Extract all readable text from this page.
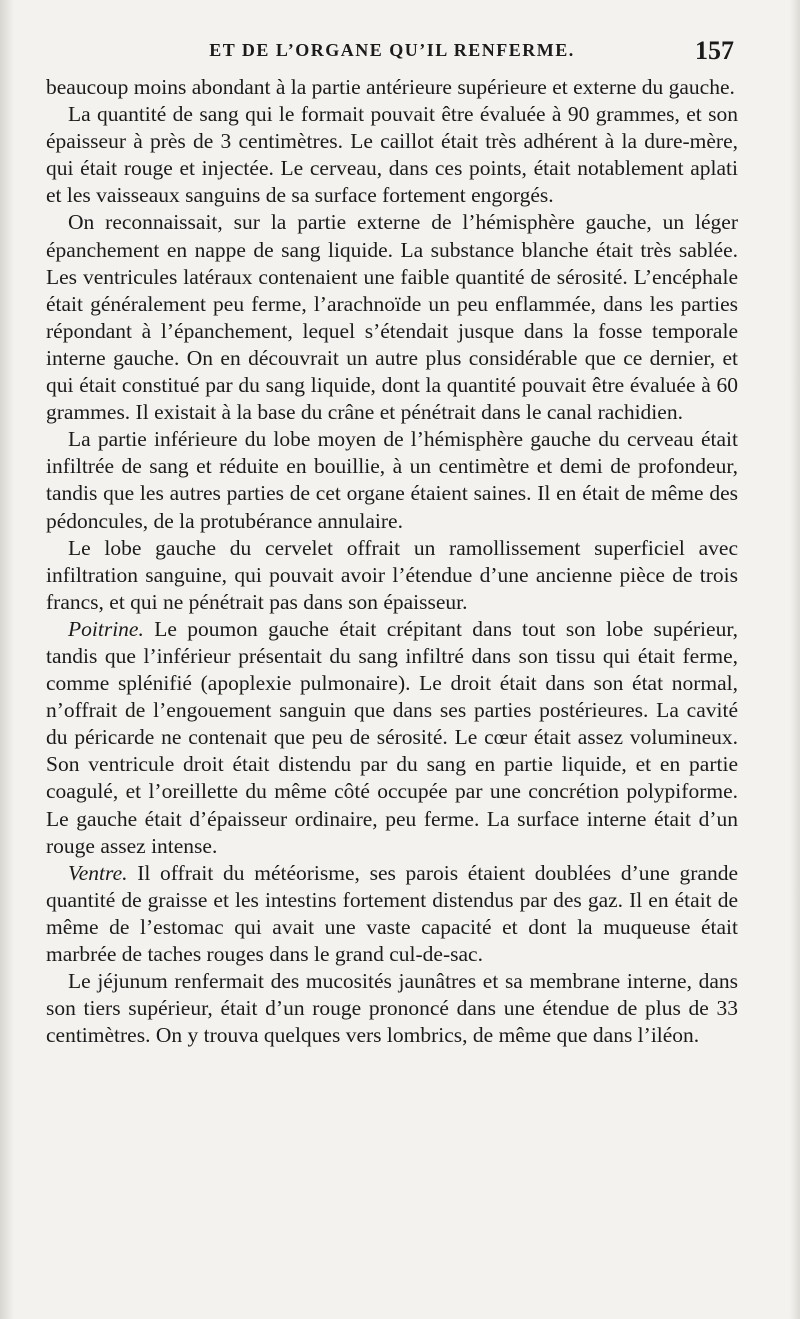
ET DE L’ORGANE QU’IL RENFERME.	157

beaucoup moins abondant à la partie antérieure supérieure et externe du gauche.

La quantité de sang qui le formait pouvait être évaluée à 90 grammes, et son épaisseur à près de 3 centimètres. Le caillot était très adhérent à la dure-mère, qui était rouge et injectée. Le cerveau, dans ces points, était notablement aplati et les vaisseaux sanguins de sa surface fortement engorgés.

On reconnaissait, sur la partie externe de l’hémisphère gauche, un léger épanchement en nappe de sang liquide. La substance blanche était très sablée. Les ventricules latéraux contenaient une faible quantité de sérosité. L’encéphale était généralement peu ferme, l’arachnoïde un peu enflammée, dans les parties répondant à l’épanchement, lequel s’étendait jusque dans la fosse temporale interne gauche. On en découvrait un autre plus considérable que ce dernier, et qui était constitué par du sang liquide, dont la quantité pouvait être évaluée à 60 grammes. Il existait à la base du crâne et pénétrait dans le canal rachidien.

La partie inférieure du lobe moyen de l’hémisphère gauche du cerveau était infiltrée de sang et réduite en bouillie, à un centimètre et demi de profondeur, tandis que les autres parties de cet organe étaient saines. Il en était de même des pédoncules, de la protubérance annulaire.

Le lobe gauche du cervelet offrait un ramollissement superficiel avec infiltration sanguine, qui pouvait avoir l’étendue d’une ancienne pièce de trois francs, et qui ne pénétrait pas dans son épaisseur.

Poitrine. Le poumon gauche était crépitant dans tout son lobe supérieur, tandis que l’inférieur présentait du sang infiltré dans son tissu qui était ferme, comme splénifié (apoplexie pulmonaire). Le droit était dans son état normal, n’offrait de l’engouement sanguin que dans ses parties postérieures. La cavité du péricarde ne contenait que peu de sérosité. Le cœur était assez volumineux. Son ventricule droit était distendu par du sang en partie liquide, et en partie coagulé, et l’oreillette du même côté occupée par une concrétion polypiforme. Le gauche était d’épaisseur ordinaire, peu ferme. La surface interne était d’un rouge assez intense.

Ventre. Il offrait du météorisme, ses parois étaient doublées d’une grande quantité de graisse et les intestins fortement distendus par des gaz. Il en était de même de l’estomac qui avait une vaste capacité et dont la muqueuse était marbrée de taches rouges dans le grand cul-de-sac.

Le jéjunum renfermait des mucosités jaunâtres et sa membrane interne, dans son tiers supérieur, était d’un rouge prononcé dans une étendue de plus de 33 centimètres. On y trouva quelques vers lombrics, de même que dans l’iléon.
